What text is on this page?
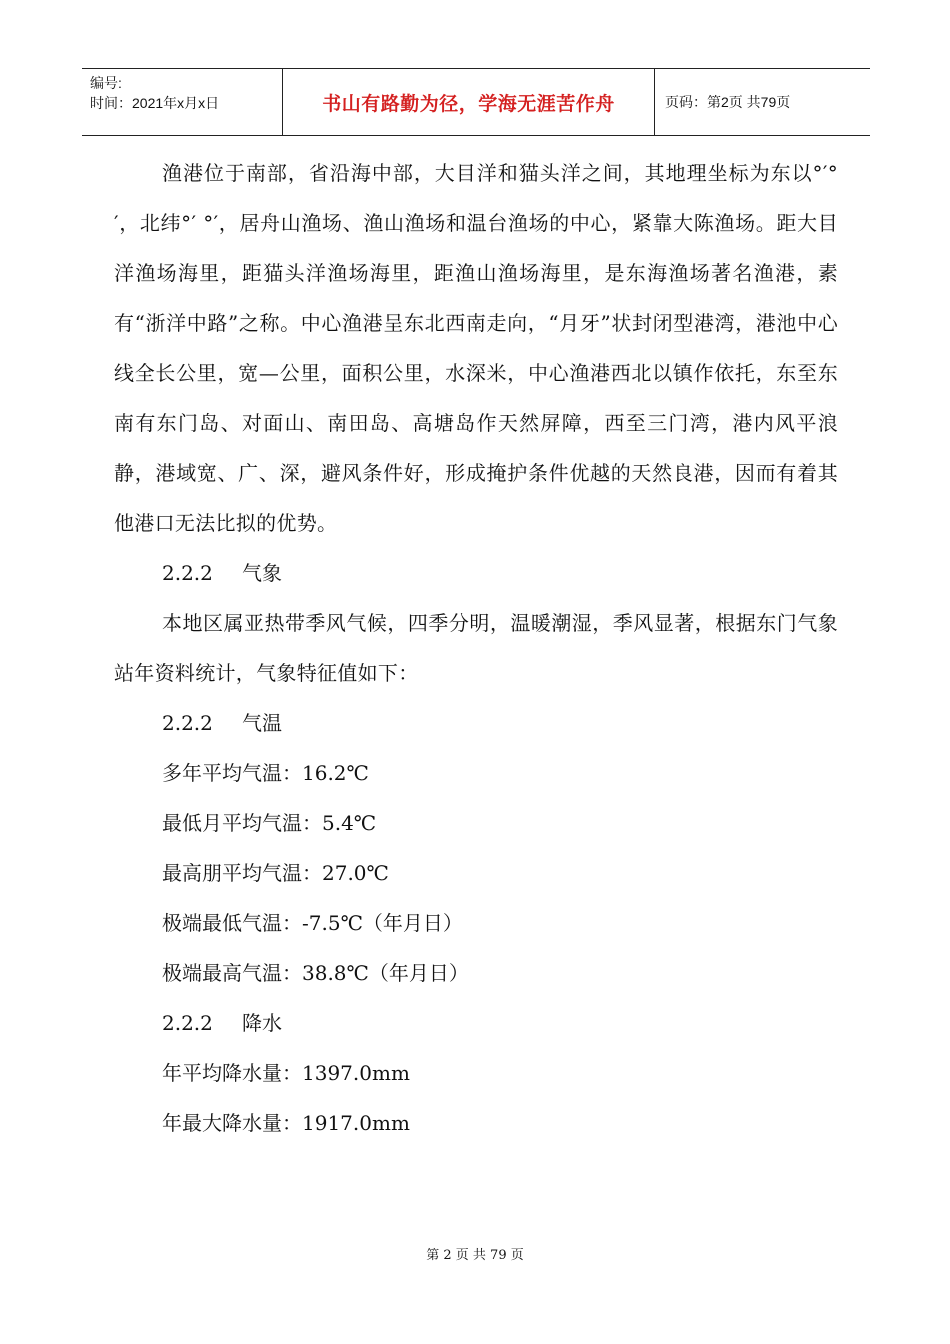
编号:
时间：2021年x月x日	书山有路勤为径，学海无涯苦作舟	页码：第2页 共79页

渔港位于南部，省沿海中部，大目洋和猫头洋之间，其地理坐标为东以°′°′，北纬°′ °′，居舟山渔场、渔山渔场和温台渔场的中心，紧靠大陈渔场。距大目洋渔场海里，距猫头洋渔场海里，距渔山渔场海里，是东海渔场著名渔港，素有“浙洋中路”之称。中心渔港呈东北西南走向，“月牙”状封闭型港湾，港池中心线全长公里，宽—公里，面积公里，水深米，中心渔港西北以镇作依托，东至东南有东门岛、对面山、南田岛、高塘岛作天然屏障，西至三门湾，港内风平浪静，港域宽、广、深，避风条件好，形成掩护条件优越的天然良港，因而有着其他港口无法比拟的优势。

2.2.2 气象

本地区属亚热带季风气候，四季分明，温暖潮湿，季风显著，根据东门气象站年资料统计，气象特征值如下：

2.2.2 气温

多年平均气温：16.2℃

最低月平均气温：5.4℃

最高朋平均气温：27.0℃

极端最低气温：-7.5℃（年月日）

极端最高气温：38.8℃（年月日）

2.2.2 降水

年平均降水量：1397.0mm

年最大降水量：1917.0mm

第 2 页 共 79 页
